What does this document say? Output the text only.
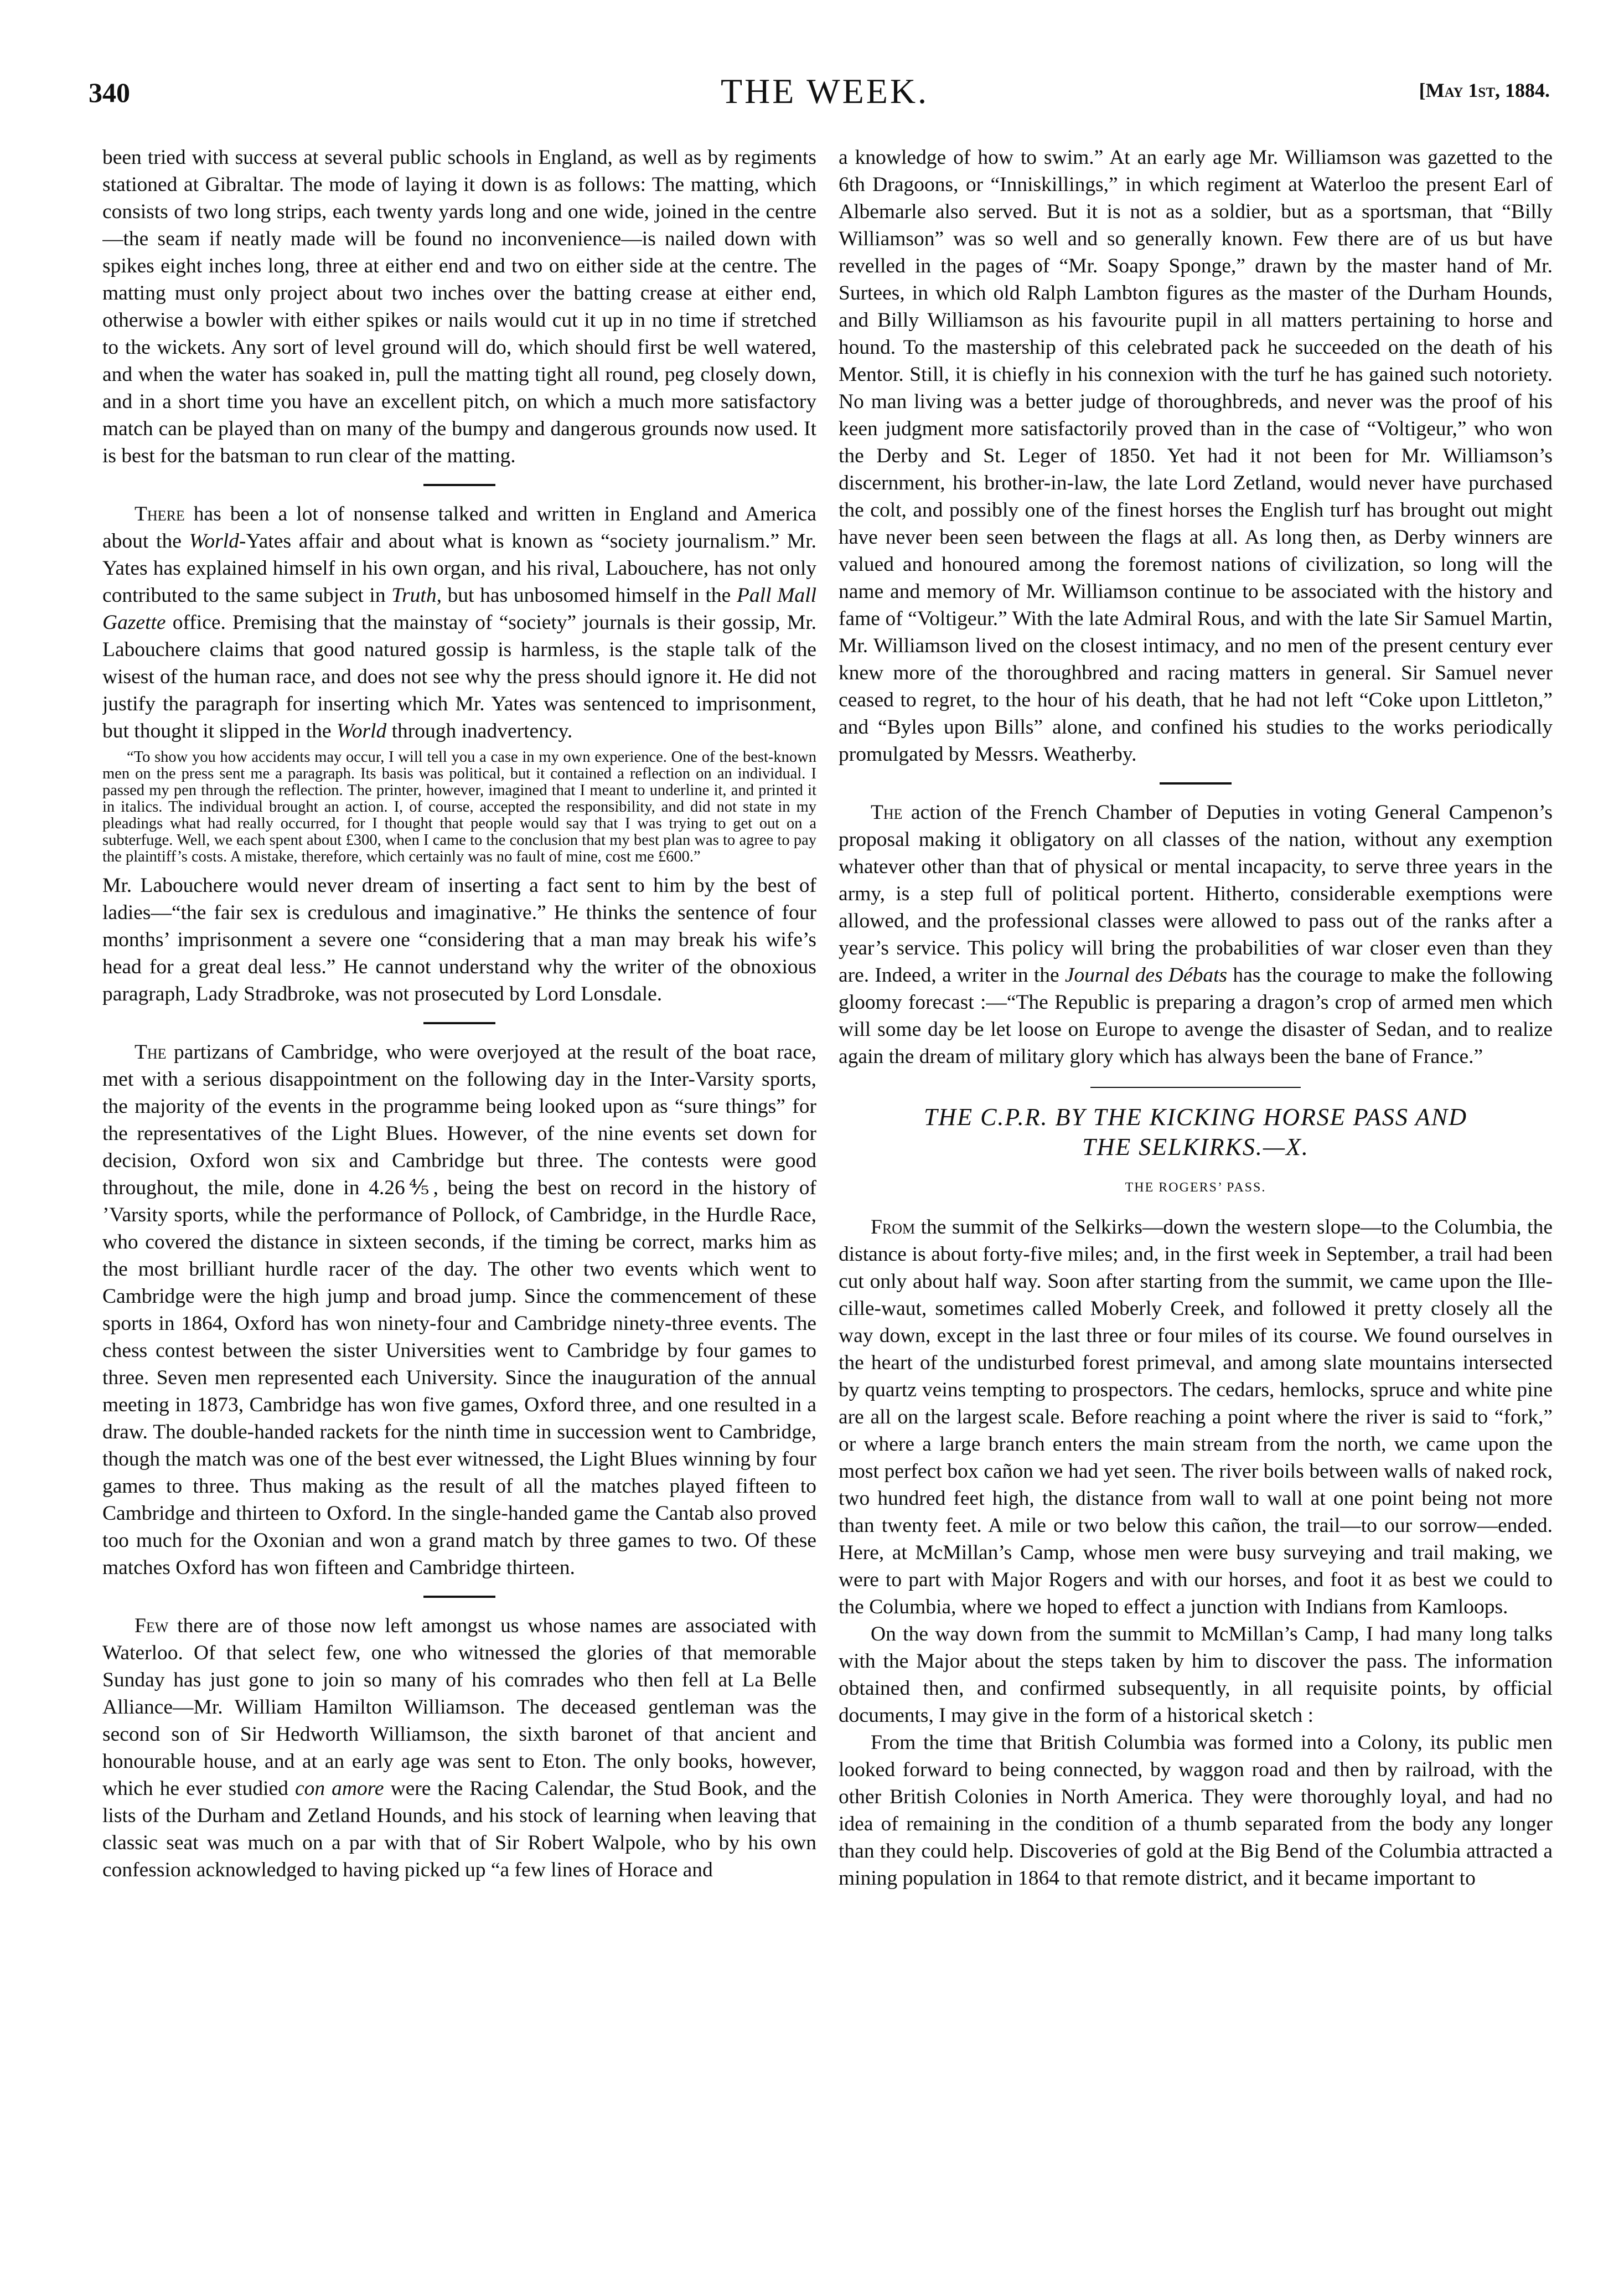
340	THE WEEK.	[May 1st, 1884.

been tried with success at several public schools in England, as well as by regiments stationed at Gibraltar. The mode of laying it down is as follows: The matting, which consists of two long strips, each twenty yards long and one wide, joined in the centre—the seam if neatly made will be found no inconvenience—is nailed down with spikes eight inches long, three at either end and two on either side at the centre. The matting must only project about two inches over the batting crease at either end, otherwise a bowler with either spikes or nails would cut it up in no time if stretched to the wickets. Any sort of level ground will do, which should first be well watered, and when the water has soaked in, pull the matting tight all round, peg closely down, and in a short time you have an excellent pitch, on which a much more satisfactory match can be played than on many of the bumpy and dangerous grounds now used. It is best for the batsman to run clear of the matting.

There has been a lot of nonsense talked and written in England and America about the World-Yates affair and about what is known as “society journalism.” Mr. Yates has explained himself in his own organ, and his rival, Labouchere, has not only contributed to the same subject in Truth, but has unbosomed himself in the Pall Mall Gazette office. Premising that the mainstay of “society” journals is their gossip, Mr. Labouchere claims that good natured gossip is harmless, is the staple talk of the wisest of the human race, and does not see why the press should ignore it. He did not justify the paragraph for inserting which Mr. Yates was sentenced to imprisonment, but thought it slipped in the World through inadvertency.

“To show you how accidents may occur, I will tell you a case in my own experience. One of the best-known men on the press sent me a paragraph. Its basis was political, but it contained a reflection on an individual. I passed my pen through the reflection. The printer, however, imagined that I meant to underline it, and printed it in italics. The individual brought an action. I, of course, accepted the responsibility, and did not state in my pleadings what had really occurred, for I thought that people would say that I was trying to get out on a subterfuge. Well, we each spent about £300, when I came to the conclusion that my best plan was to agree to pay the plaintiff’s costs. A mistake, therefore, which certainly was no fault of mine, cost me £600.”

Mr. Labouchere would never dream of inserting a fact sent to him by the best of ladies—“the fair sex is credulous and imaginative.” He thinks the sentence of four months’ imprisonment a severe one “considering that a man may break his wife’s head for a great deal less.” He cannot understand why the writer of the obnoxious paragraph, Lady Stradbroke, was not prosecuted by Lord Lonsdale.

The partizans of Cambridge, who were overjoyed at the result of the boat race, met with a serious disappointment on the following day in the Inter-Varsity sports, the majority of the events in the programme being looked upon as “sure things” for the representatives of the Light Blues. However, of the nine events set down for decision, Oxford won six and Cambridge but three. The contests were good throughout, the mile, done in 4.26⅘, being the best on record in the history of ’Varsity sports, while the performance of Pollock, of Cambridge, in the Hurdle Race, who covered the distance in sixteen seconds, if the timing be correct, marks him as the most brilliant hurdle racer of the day. The other two events which went to Cambridge were the high jump and broad jump. Since the commencement of these sports in 1864, Oxford has won ninety-four and Cambridge ninety-three events. The chess contest between the sister Universities went to Cambridge by four games to three. Seven men represented each University. Since the inauguration of the annual meeting in 1873, Cambridge has won five games, Oxford three, and one resulted in a draw. The double-handed rackets for the ninth time in succession went to Cambridge, though the match was one of the best ever witnessed, the Light Blues winning by four games to three. Thus making as the result of all the matches played fifteen to Cambridge and thirteen to Oxford. In the single-handed game the Cantab also proved too much for the Oxonian and won a grand match by three games to two. Of these matches Oxford has won fifteen and Cambridge thirteen.

Few there are of those now left amongst us whose names are associated with Waterloo. Of that select few, one who witnessed the glories of that memorable Sunday has just gone to join so many of his comrades who then fell at La Belle Alliance—Mr. William Hamilton Williamson. The deceased gentleman was the second son of Sir Hedworth Williamson, the sixth baronet of that ancient and honourable house, and at an early age was sent to Eton. The only books, however, which he ever studied con amore were the Racing Calendar, the Stud Book, and the lists of the Durham and Zetland Hounds, and his stock of learning when leaving that classic seat was much on a par with that of Sir Robert Walpole, who by his own confession acknowledged to having picked up “a few lines of Horace and

a knowledge of how to swim.” At an early age Mr. Williamson was gazetted to the 6th Dragoons, or “Inniskillings,” in which regiment at Waterloo the present Earl of Albemarle also served. But it is not as a soldier, but as a sportsman, that “Billy Williamson” was so well and so generally known. Few there are of us but have revelled in the pages of “Mr. Soapy Sponge,” drawn by the master hand of Mr. Surtees, in which old Ralph Lambton figures as the master of the Durham Hounds, and Billy Williamson as his favourite pupil in all matters pertaining to horse and hound. To the mastership of this celebrated pack he succeeded on the death of his Mentor. Still, it is chiefly in his connexion with the turf he has gained such notoriety. No man living was a better judge of thoroughbreds, and never was the proof of his keen judgment more satisfactorily proved than in the case of “Voltigeur,” who won the Derby and St. Leger of 1850. Yet had it not been for Mr. Williamson’s discernment, his brother-in-law, the late Lord Zetland, would never have purchased the colt, and possibly one of the finest horses the English turf has brought out might have never been seen between the flags at all. As long then, as Derby winners are valued and honoured among the foremost nations of civilization, so long will the name and memory of Mr. Williamson continue to be associated with the history and fame of “Voltigeur.” With the late Admiral Rous, and with the late Sir Samuel Martin, Mr. Williamson lived on the closest intimacy, and no men of the present century ever knew more of the thoroughbred and racing matters in general. Sir Samuel never ceased to regret, to the hour of his death, that he had not left “Coke upon Littleton,” and “Byles upon Bills” alone, and confined his studies to the works periodically promulgated by Messrs. Weatherby.

The action of the French Chamber of Deputies in voting General Campenon’s proposal making it obligatory on all classes of the nation, without any exemption whatever other than that of physical or mental incapacity, to serve three years in the army, is a step full of political portent. Hitherto, considerable exemptions were allowed, and the professional classes were allowed to pass out of the ranks after a year’s service. This policy will bring the probabilities of war closer even than they are. Indeed, a writer in the Journal des Débats has the courage to make the following gloomy forecast :—“The Republic is preparing a dragon’s crop of armed men which will some day be let loose on Europe to avenge the disaster of Sedan, and to realize again the dream of military glory which has always been the bane of France.”

THE C.P.R. BY THE KICKING HORSE PASS AND
THE SELKIRKS.—X.
THE ROGERS’ PASS.

From the summit of the Selkirks—down the western slope—to the Columbia, the distance is about forty-five miles; and, in the first week in September, a trail had been cut only about half way. Soon after starting from the summit, we came upon the Ille-cille-waut, sometimes called Moberly Creek, and followed it pretty closely all the way down, except in the last three or four miles of its course. We found ourselves in the heart of the undisturbed forest primeval, and among slate mountains intersected by quartz veins tempting to prospectors. The cedars, hemlocks, spruce and white pine are all on the largest scale. Before reaching a point where the river is said to “fork,” or where a large branch enters the main stream from the north, we came upon the most perfect box cañon we had yet seen. The river boils between walls of naked rock, two hundred feet high, the distance from wall to wall at one point being not more than twenty feet. A mile or two below this cañon, the trail—to our sorrow—ended. Here, at McMillan’s Camp, whose men were busy surveying and trail making, we were to part with Major Rogers and with our horses, and foot it as best we could to the Columbia, where we hoped to effect a junction with Indians from Kamloops.

On the way down from the summit to McMillan’s Camp, I had many long talks with the Major about the steps taken by him to discover the pass. The information obtained then, and confirmed subsequently, in all requisite points, by official documents, I may give in the form of a historical sketch :

From the time that British Columbia was formed into a Colony, its public men looked forward to being connected, by waggon road and then by railroad, with the other British Colonies in North America. They were thoroughly loyal, and had no idea of remaining in the condition of a thumb separated from the body any longer than they could help. Discoveries of gold at the Big Bend of the Columbia attracted a mining population in 1864 to that remote district, and it became important to
